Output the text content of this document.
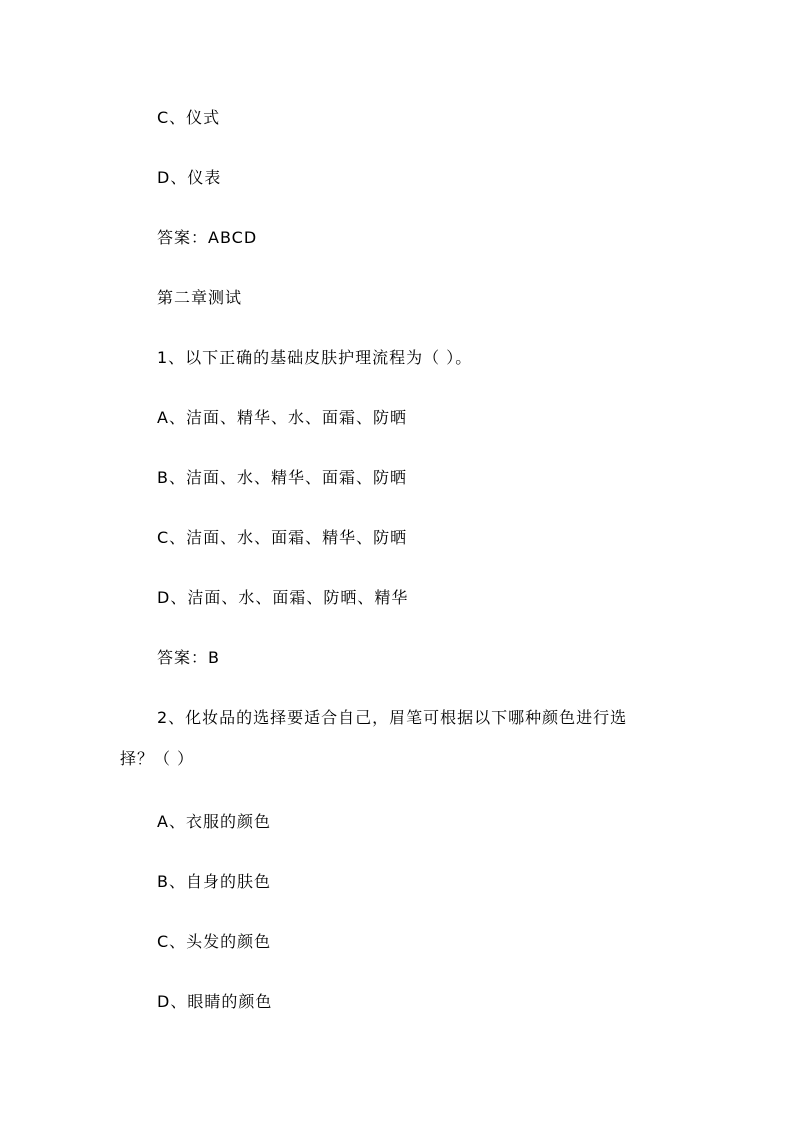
C、仪式
D、仪表
答案：ABCD
第二章测试
1、以下正确的基础皮肤护理流程为（ ）。
A、洁面、精华、水、面霜、防晒
B、洁面、水、精华、面霜、防晒
C、洁面、水、面霜、精华、防晒
D、洁面、水、面霜、防晒、精华
答案：B
2、化妆品的选择要适合自己，眉笔可根据以下哪种颜色进行选
择？（ ）
A、衣服的颜色
B、自身的肤色
C、头发的颜色
D、眼睛的颜色
